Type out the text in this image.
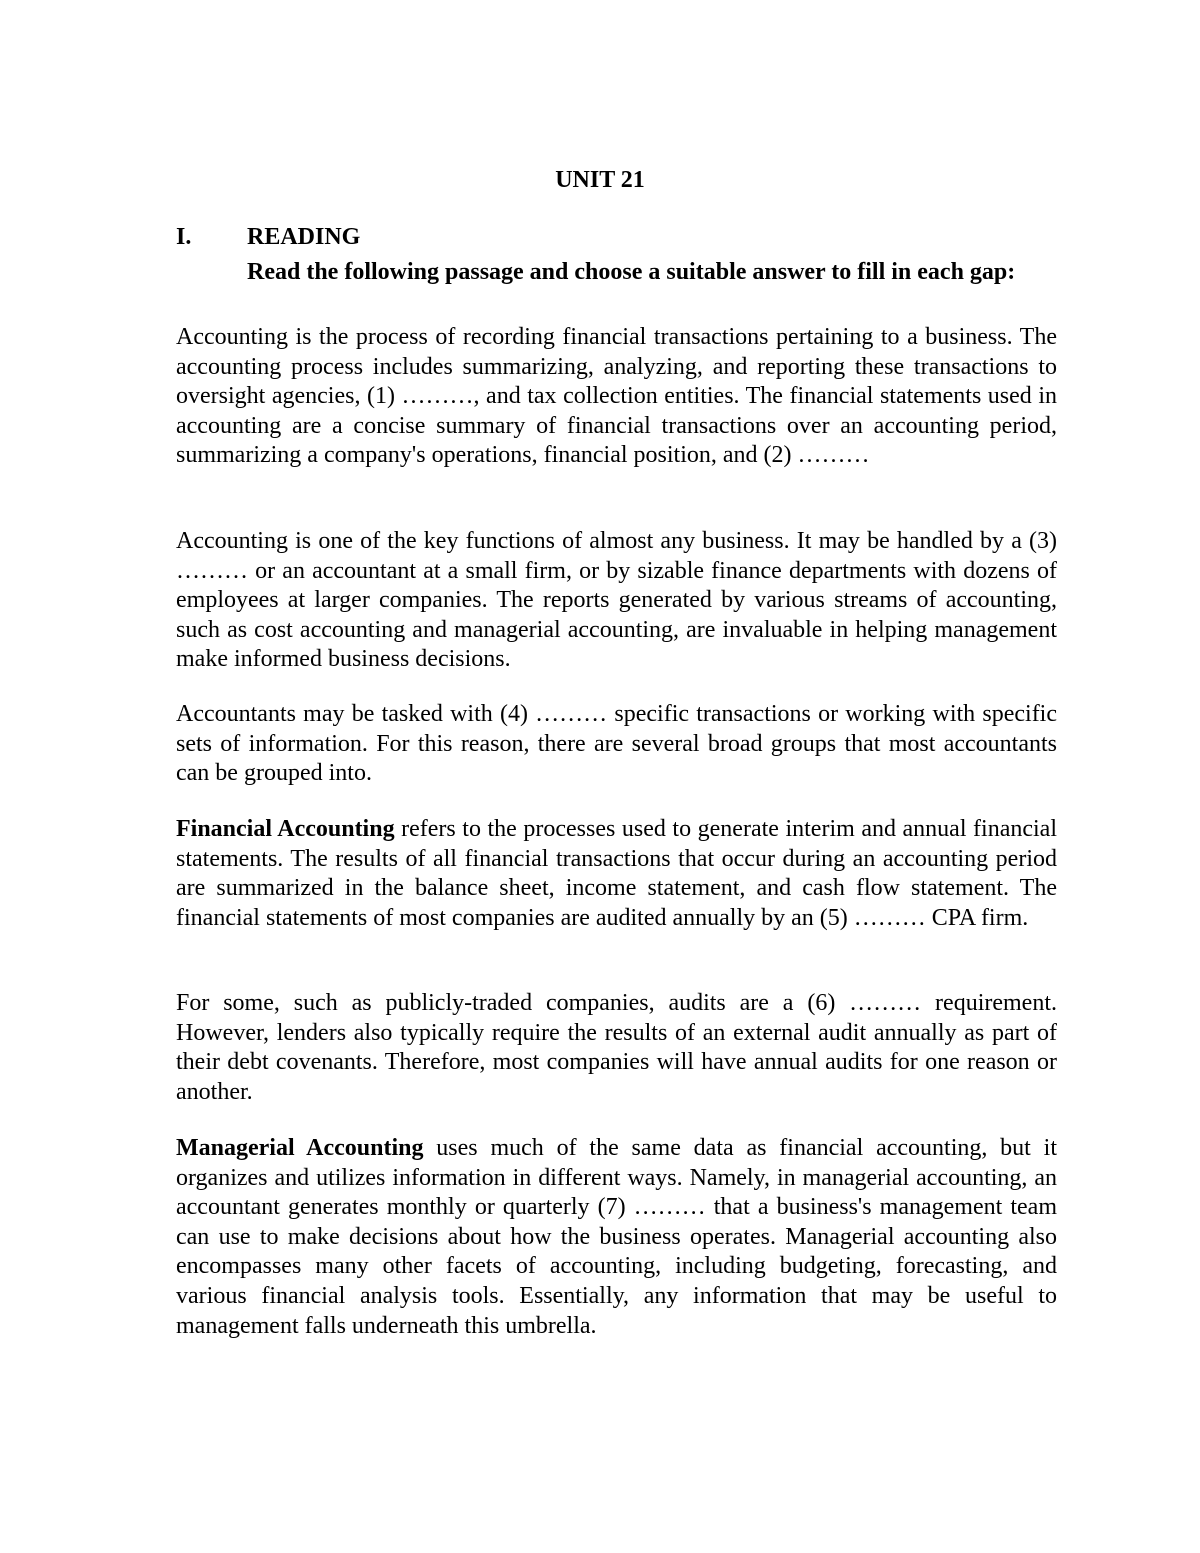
UNIT 21
I. READING
Read the following passage and choose a suitable answer to fill in each gap:

Accounting is the process of recording financial transactions pertaining to a business. The accounting process includes summarizing, analyzing, and reporting these transactions to oversight agencies, (1) ………, and tax collection entities. The financial statements used in accounting are a concise summary of financial transactions over an accounting period, summarizing a company's operations, financial position, and (2) ………

Accounting is one of the key functions of almost any business. It may be handled by a (3) ……… or an accountant at a small firm, or by sizable finance departments with dozens of employees at larger companies. The reports generated by various streams of accounting, such as cost accounting and managerial accounting, are invaluable in helping management make informed business decisions.

Accountants may be tasked with (4) ……… specific transactions or working with specific sets of information. For this reason, there are several broad groups that most accountants can be grouped into.

Financial Accounting refers to the processes used to generate interim and annual financial statements. The results of all financial transactions that occur during an accounting period are summarized in the balance sheet, income statement, and cash flow statement. The financial statements of most companies are audited annually by an (5) ……… CPA firm.

For some, such as publicly-traded companies, audits are a (6) ……… requirement. However, lenders also typically require the results of an external audit annually as part of their debt covenants. Therefore, most companies will have annual audits for one reason or another.

Managerial Accounting uses much of the same data as financial accounting, but it organizes and utilizes information in different ways. Namely, in managerial accounting, an accountant generates monthly or quarterly (7) ……… that a business's management team can use to make decisions about how the business operates. Managerial accounting also encompasses many other facets of accounting, including budgeting, forecasting, and various financial analysis tools. Essentially, any information that may be useful to management falls underneath this umbrella.
